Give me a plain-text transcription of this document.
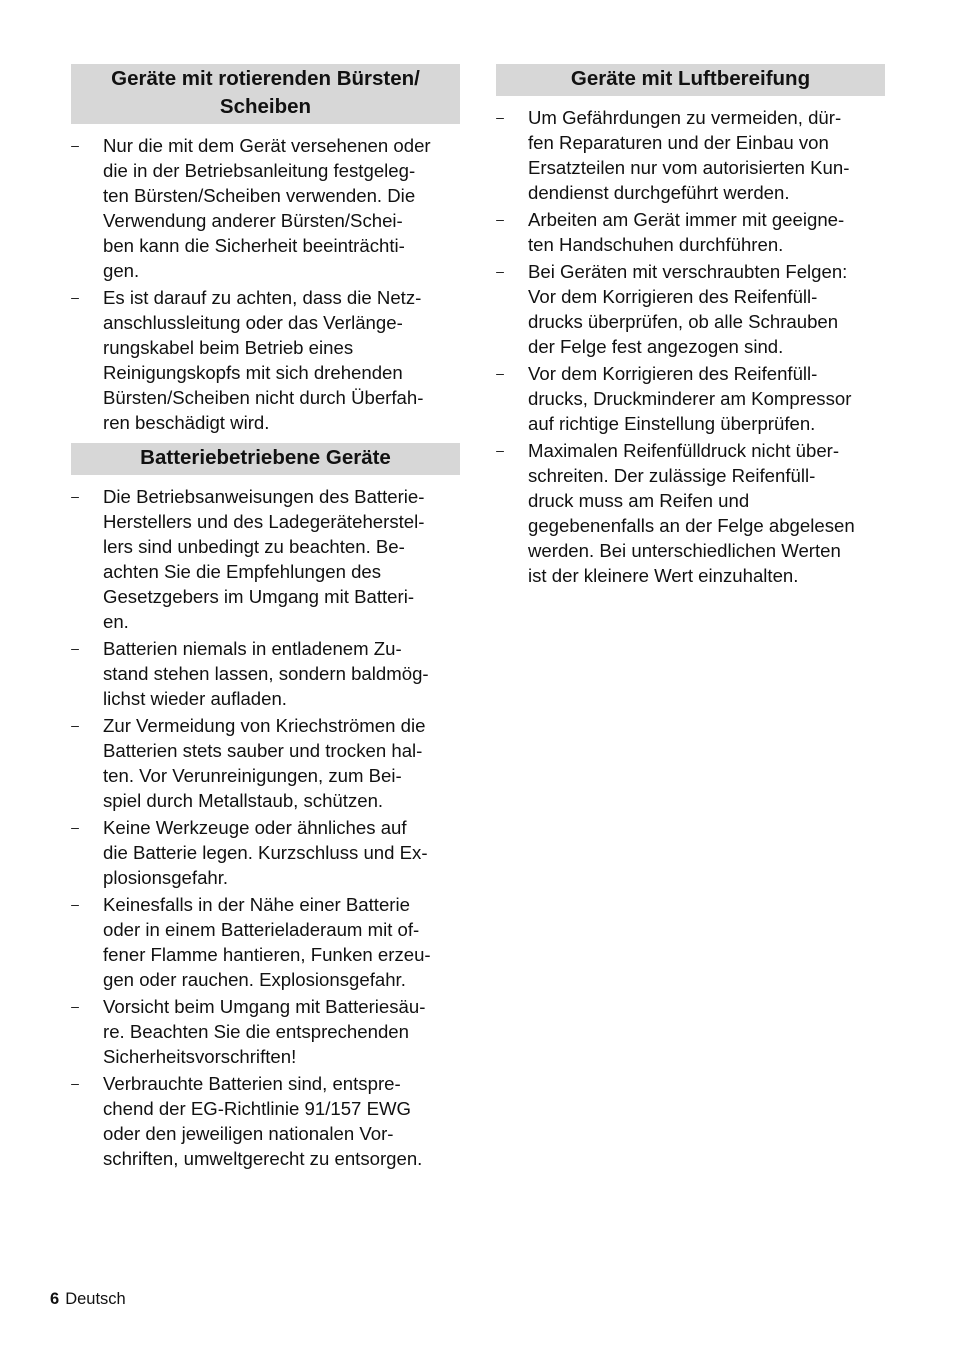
Geräte mit rotierenden Bürsten/
Scheiben
– Nur die mit dem Gerät versehenen oder
die in der Betriebsanleitung festgeleg-
ten Bürsten/Scheiben verwenden. Die
Verwendung anderer Bürsten/Schei-
ben kann die Sicherheit beeinträchti-
gen.
– Es ist darauf zu achten, dass die Netz-
anschlussleitung oder das Verlänge-
rungskabel beim Betrieb eines
Reinigungskopfs mit sich drehenden
Bürsten/Scheiben nicht durch Überfah-
ren beschädigt wird.
Batteriebetriebene Geräte
– Die Betriebsanweisungen des Batterie-
Herstellers und des Ladegeräteherstel-
lers sind unbedingt zu beachten. Be-
achten Sie die Empfehlungen des
Gesetzgebers im Umgang mit Batteri-
en.
– Batterien niemals in entladenem Zu-
stand stehen lassen, sondern baldmög-
lichst wieder aufladen.
– Zur Vermeidung von Kriechströmen die
Batterien stets sauber und trocken hal-
ten. Vor Verunreinigungen, zum Bei-
spiel durch Metallstaub, schützen.
– Keine Werkzeuge oder ähnliches auf
die Batterie legen. Kurzschluss und Ex-
plosionsgefahr.
– Keinesfalls in der Nähe einer Batterie
oder in einem Batterieladeraum mit of-
fener Flamme hantieren, Funken erzeu-
gen oder rauchen. Explosionsgefahr.
– Vorsicht beim Umgang mit Batteriesäu-
re. Beachten Sie die entsprechenden
Sicherheitsvorschriften!
– Verbrauchte Batterien sind, entspre-
chend der EG-Richtlinie 91/157 EWG
oder den jeweiligen nationalen Vor-
schriften, umweltgerecht zu entsorgen.
Geräte mit Luftbereifung
– Um Gefährdungen zu vermeiden, dür-
fen Reparaturen und der Einbau von
Ersatzteilen nur vom autorisierten Kun-
dendienst durchgeführt werden.
– Arbeiten am Gerät immer mit geeigne-
ten Handschuhen durchführen.
– Bei Geräten mit verschraubten Felgen:
Vor dem Korrigieren des Reifenfüll-
drucks überprüfen, ob alle Schrauben
der Felge fest angezogen sind.
– Vor dem Korrigieren des Reifenfüll-
drucks, Druckminderer am Kompressor
auf richtige Einstellung überprüfen.
– Maximalen Reifenfülldruck nicht über-
schreiten. Der zulässige Reifenfüll-
druck muss am Reifen und
gegebenenfalls an der Felge abgelesen
werden. Bei unterschiedlichen Werten
ist der kleinere Wert einzuhalten.
6 Deutsch
